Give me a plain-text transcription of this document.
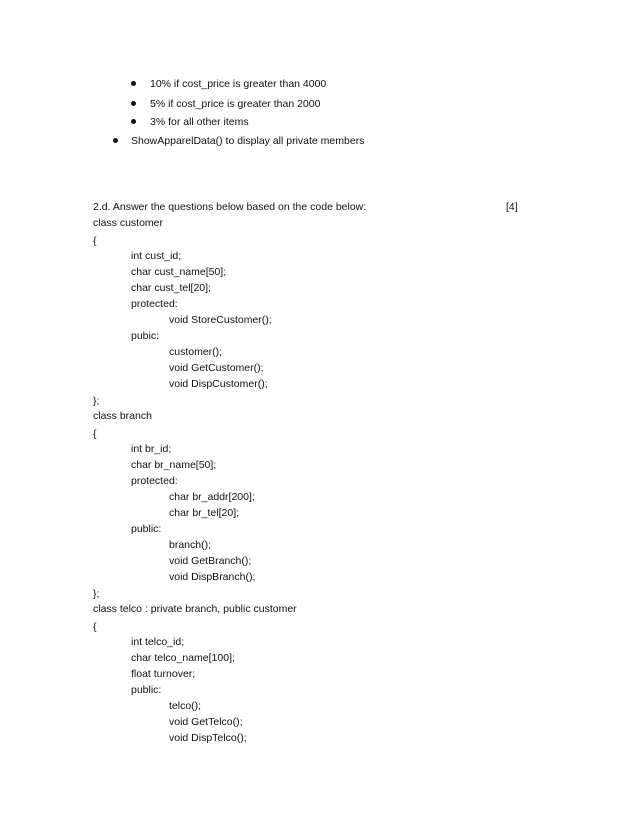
10% if cost_price is greater than 4000
5% if cost_price is greater than 2000
3% for all other items
ShowApparelData() to display all private members
2.d. Answer the questions below based on the code below:	[4]
class customer
{
int cust_id;
char cust_name[50];
char cust_tel[20];
protected:
void StoreCustomer();
pubic:
customer();
void GetCustomer();
void DispCustomer();
};
class branch
{
int br_id;
char br_name[50];
protected:
char br_addr[200];
char br_tel[20];
public:
branch();
void GetBranch();
void DispBranch();
};
class telco : private branch, public customer
{
int telco_id;
char telco_name[100];
float turnover;
public:
telco();
void GetTelco();
void DispTelco();
